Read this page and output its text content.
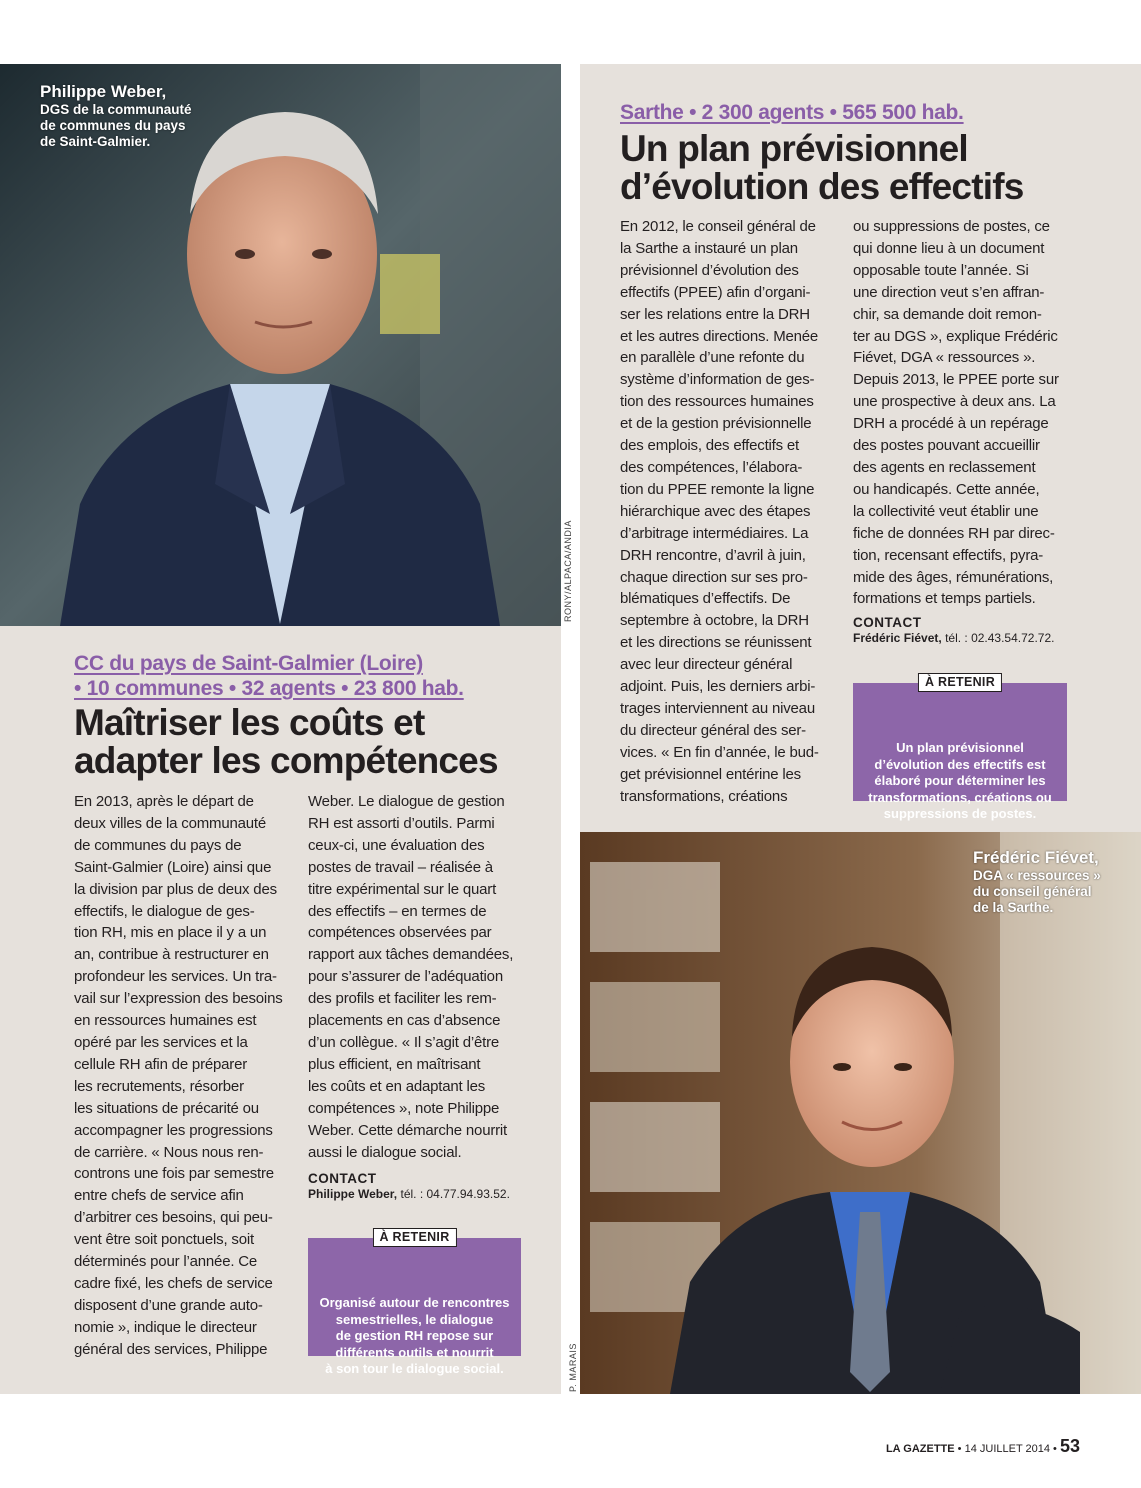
Philippe Weber,
DGS de la communauté
de communes du pays
de Saint-Galmier.
RONY/ALPACA/ANDIA
Sarthe • 2 300 agents • 565 500 hab.
Un plan prévisionnel
d’évolution des effectifs
En 2012, le conseil général de
la Sarthe a instauré un plan
prévisionnel d’évolution des
effectifs (PPEE) afin d’organi-
ser les relations entre la DRH
et les autres directions. Menée
en parallèle d’une refonte du
système d’information de ges-
tion des ressources humaines
et de la gestion prévisionnelle
des emplois, des effectifs et
des compétences, l’élabora-
tion du PPEE remonte la ligne
hiérarchique avec des étapes
d’arbitrage intermédiaires. La
DRH rencontre, d’avril à juin,
chaque direction sur ses pro-
blématiques d’effectifs. De
septembre à octobre, la DRH
et les directions se réunissent
avec leur directeur général
adjoint. Puis, les derniers arbi-
trages interviennent au niveau
du directeur général des ser-
vices. « En fin d’année, le bud-
get prévisionnel entérine les
transformations, créations
ou suppressions de postes, ce
qui donne lieu à un document
opposable toute l’année. Si
une direction veut s’en affran-
chir, sa demande doit remon-
ter au DGS », explique Frédéric
Fiévet, DGA « ressources ».
Depuis 2013, le PPEE porte sur
une prospective à deux ans. La
DRH a procédé à un repérage
des postes pouvant accueillir
des agents en reclassement
ou handicapés. Cette année,
la collectivité veut établir une
fiche de données RH par direc-
tion, recensant effectifs, pyra-
mide des âges, rémunérations,
formations et temps partiels.
CONTACT
Frédéric Fiévet, tél. : 02.43.54.72.72.

À RETENIR

Un plan prévisionnel
d’évolution des effectifs est
élaboré pour déterminer les
transformations, créations ou
suppressions de postes.

CC du pays de Saint-Galmier (Loire)
• 10 communes • 32 agents • 23 800 hab.
Maîtriser les coûts et
adapter les compétences
En 2013, après le départ de
deux villes de la communauté
de communes du pays de
Saint-Galmier (Loire) ainsi que
la division par plus de deux des
effectifs, le dialogue de ges-
tion RH, mis en place il y a un
an, contribue à restructurer en
profondeur les services. Un tra-
vail sur l’expression des besoins
en ressources humaines est
opéré par les services et la
cellule RH afin de préparer
les recrutements, résorber
les situations de précarité ou
accompagner les progressions
de carrière. « Nous nous ren-
controns une fois par semestre
entre chefs de service afin
d’arbitrer ces besoins, qui peu-
vent être soit ponctuels, soit
déterminés pour l’année. Ce
cadre fixé, les chefs de service
disposent d’une grande auto-
nomie », indique le directeur
général des services, Philippe
Weber. Le dialogue de gestion
RH est assorti d’outils. Parmi
ceux-ci, une évaluation des
postes de travail – réalisée à
titre expérimental sur le quart
des effectifs – en termes de
compétences observées par
rapport aux tâches demandées,
pour s’assurer de l’adéquation
des profils et faciliter les rem-
placements en cas d’absence
d’un collègue. « Il s’agit d’être
plus efficient, en maîtrisant
les coûts et en adaptant les
compétences », note Philippe
Weber. Cette démarche nourrit
aussi le dialogue social.
CONTACT
Philippe Weber, tél. : 04.77.94.93.52.

À RETENIR

Organisé autour de rencontres
semestrielles, le dialogue
de gestion RH repose sur
différents outils et nourrit
à son tour le dialogue social.

Frédéric Fiévet,
DGA « ressources »
du conseil général
de la Sarthe.
P. MARAIS
LA GAZETTE • 14 JUILLET 2014 • 53
